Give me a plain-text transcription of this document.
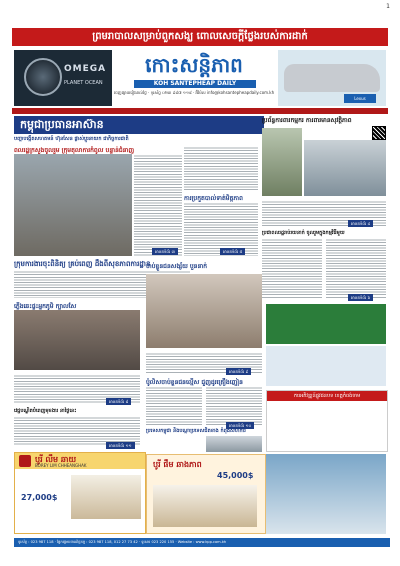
1
ព្រមរាបាលសម្រាប់ពួកសង្ឃ ពោលសេចក្តីថ្លែងរបស់ការដាក់
OMEGA
PLANET OCEAN
កោះសន្តិភាព
KOH SANTEPHEAP DAILY
ចេញផ្សាយរៀងរាល់ថ្ងៃ · ទូរស័ព្ទ ០២៣ ៩៨៧ ១១៨ · អ៊ីម៉ែល info@kohsantepheapdaily.com.kh
Lexus
កម្ពុជាប្រធានអាស៊ាន
បញ្ហាបង្កើតសហគមន៍ ហ៊ុនសែន ផ្លាស់ប្តូរនាយក ជាកិច្ចការជាតិ
ពលរដ្ឋក្រសួងចូលរួម ក្រុមតុលាការកំពូល បន្ទាន់ជំនាញ
អានតទំព័រ ៣
ការប្រកួតបាល់ទាត់មិត្តភាព
អានតទំព័រ ៥
ប្រព័ន្ធការពារកម្មករ ការពារមានសុវត្ថិភាព
អានតទំព័រ ៤
ប្រជាពលរដ្ឋរាប់រយនាក់ ចូលរួមក្នុងកម្មវិធីមួយ
អានតទំព័រ ៦
ក្រុមការងារចុះពិនិត្យ គ្រប់ពេញ ដឹងពីសុខភាពការដ្ឋាន
ភ្លើងឆេះផ្ទះអ្នកភូមិ ក្បាលសែ
អានតទំព័រ ៨
ចាប់ខ្លួនជនសង្ស័យ បួននាក់
អានតទំព័រ ៩
ប៉ូលិសចាប់ខ្លួនជនល្មើស ជួញដូរគ្រឿងញៀន
អានតទំព័រ ១០
វេជ្ជបណ្ឌិតបំពេញមុខងារ នាថ្ងៃនេះ
អានតទំព័រ ១១
ប្រទេសកម្ពុជា និងបណ្តាប្រទេសជិតខាង កំពុងសហការ
ការអភិវឌ្ឍន៍ផ្លូវជនបទ ខេត្តកំពង់ចាម
បូរី លឹម ឆាយ
BOREY LIM CHHEANGHAK
27,000$
បូរី ផឹម ឆាងភាព
45,000$
ទូរស័ព្ទ : 023 987 118 · ផ្នែកផ្សាយពាណិជ្ជកម្ម : 023 987 118, 012 27 73 42 · ទូរសារ 023 220 155 · Website : www.kpp.com.kh
